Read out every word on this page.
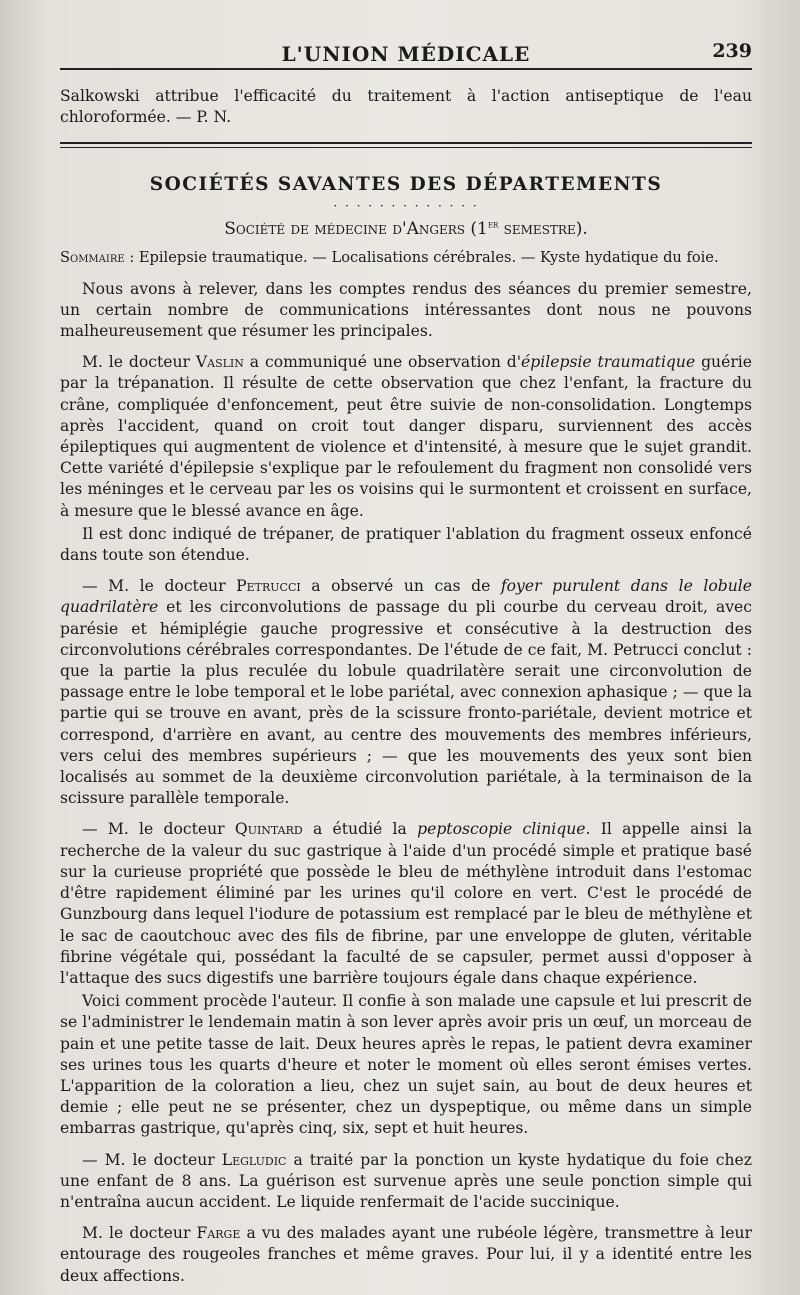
L'UNION MÉDICALE	239

Salkowski attribue l'efficacité du traitement à l'action antiseptique de l'eau chloroformée. — P. N.

SOCIÉTÉS SAVANTES DES DÉPARTEMENTS
· · · · · · · · · · · · ·
Société de médecine d'Angers (1er semestre).

Sommaire : Epilepsie traumatique. — Localisations cérébrales. — Kyste hydatique du foie.

Nous avons à relever, dans les comptes rendus des séances du premier semestre, un certain nombre de communications intéressantes dont nous ne pouvons malheureusement que résumer les principales.

M. le docteur Vaslin a communiqué une observation d'épilepsie traumatique guérie par la trépanation. Il résulte de cette observation que chez l'enfant, la fracture du crâne, compliquée d'enfoncement, peut être suivie de non-consolidation. Longtemps après l'accident, quand on croit tout danger disparu, surviennent des accès épileptiques qui augmentent de violence et d'intensité, à mesure que le sujet grandit. Cette variété d'épilepsie s'explique par le refoulement du fragment non consolidé vers les méninges et le cerveau par les os voisins qui le surmontent et croissent en surface, à mesure que le blessé avance en âge.

Il est donc indiqué de trépaner, de pratiquer l'ablation du fragment osseux enfoncé dans toute son étendue.

— M. le docteur Petrucci a observé un cas de foyer purulent dans le lobule quadrilatère et les circonvolutions de passage du pli courbe du cerveau droit, avec parésie et hémiplégie gauche progressive et consécutive à la destruction des circonvolutions cérébrales correspondantes. De l'étude de ce fait, M. Petrucci conclut : que la partie la plus reculée du lobule quadrilatère serait une circonvolution de passage entre le lobe temporal et le lobe pariétal, avec connexion aphasique ; — que la partie qui se trouve en avant, près de la scissure fronto-pariétale, devient motrice et correspond, d'arrière en avant, au centre des mouvements des membres inférieurs, vers celui des membres supérieurs ; — que les mouvements des yeux sont bien localisés au sommet de la deuxième circonvolution pariétale, à la terminaison de la scissure parallèle temporale.

— M. le docteur Quintard a étudié la peptoscopie clinique. Il appelle ainsi la recherche de la valeur du suc gastrique à l'aide d'un procédé simple et pratique basé sur la curieuse propriété que possède le bleu de méthylène introduit dans l'estomac d'être rapidement éliminé par les urines qu'il colore en vert. C'est le procédé de Gunzbourg dans lequel l'iodure de potassium est remplacé par le bleu de méthylène et le sac de caoutchouc avec des fils de fibrine, par une enveloppe de gluten, véritable fibrine végétale qui, possédant la faculté de se capsuler, permet aussi d'opposer à l'attaque des sucs digestifs une barrière toujours égale dans chaque expérience.

Voici comment procède l'auteur. Il confie à son malade une capsule et lui prescrit de se l'administrer le lendemain matin à son lever après avoir pris un œuf, un morceau de pain et une petite tasse de lait. Deux heures après le repas, le patient devra examiner ses urines tous les quarts d'heure et noter le moment où elles seront émises vertes. L'apparition de la coloration a lieu, chez un sujet sain, au bout de deux heures et demie ; elle peut ne se présenter, chez un dyspeptique, ou même dans un simple embarras gastrique, qu'après cinq, six, sept et huit heures.

— M. le docteur Legludic a traité par la ponction un kyste hydatique du foie chez une enfant de 8 ans. La guérison est survenue après une seule ponction simple qui n'entraîna aucun accident. Le liquide renfermait de l'acide succinique.

M. le docteur Farge a vu des malades ayant une rubéole légère, transmettre à leur entourage des rougeoles franches et même graves. Pour lui, il y a identité entre les deux affections.
